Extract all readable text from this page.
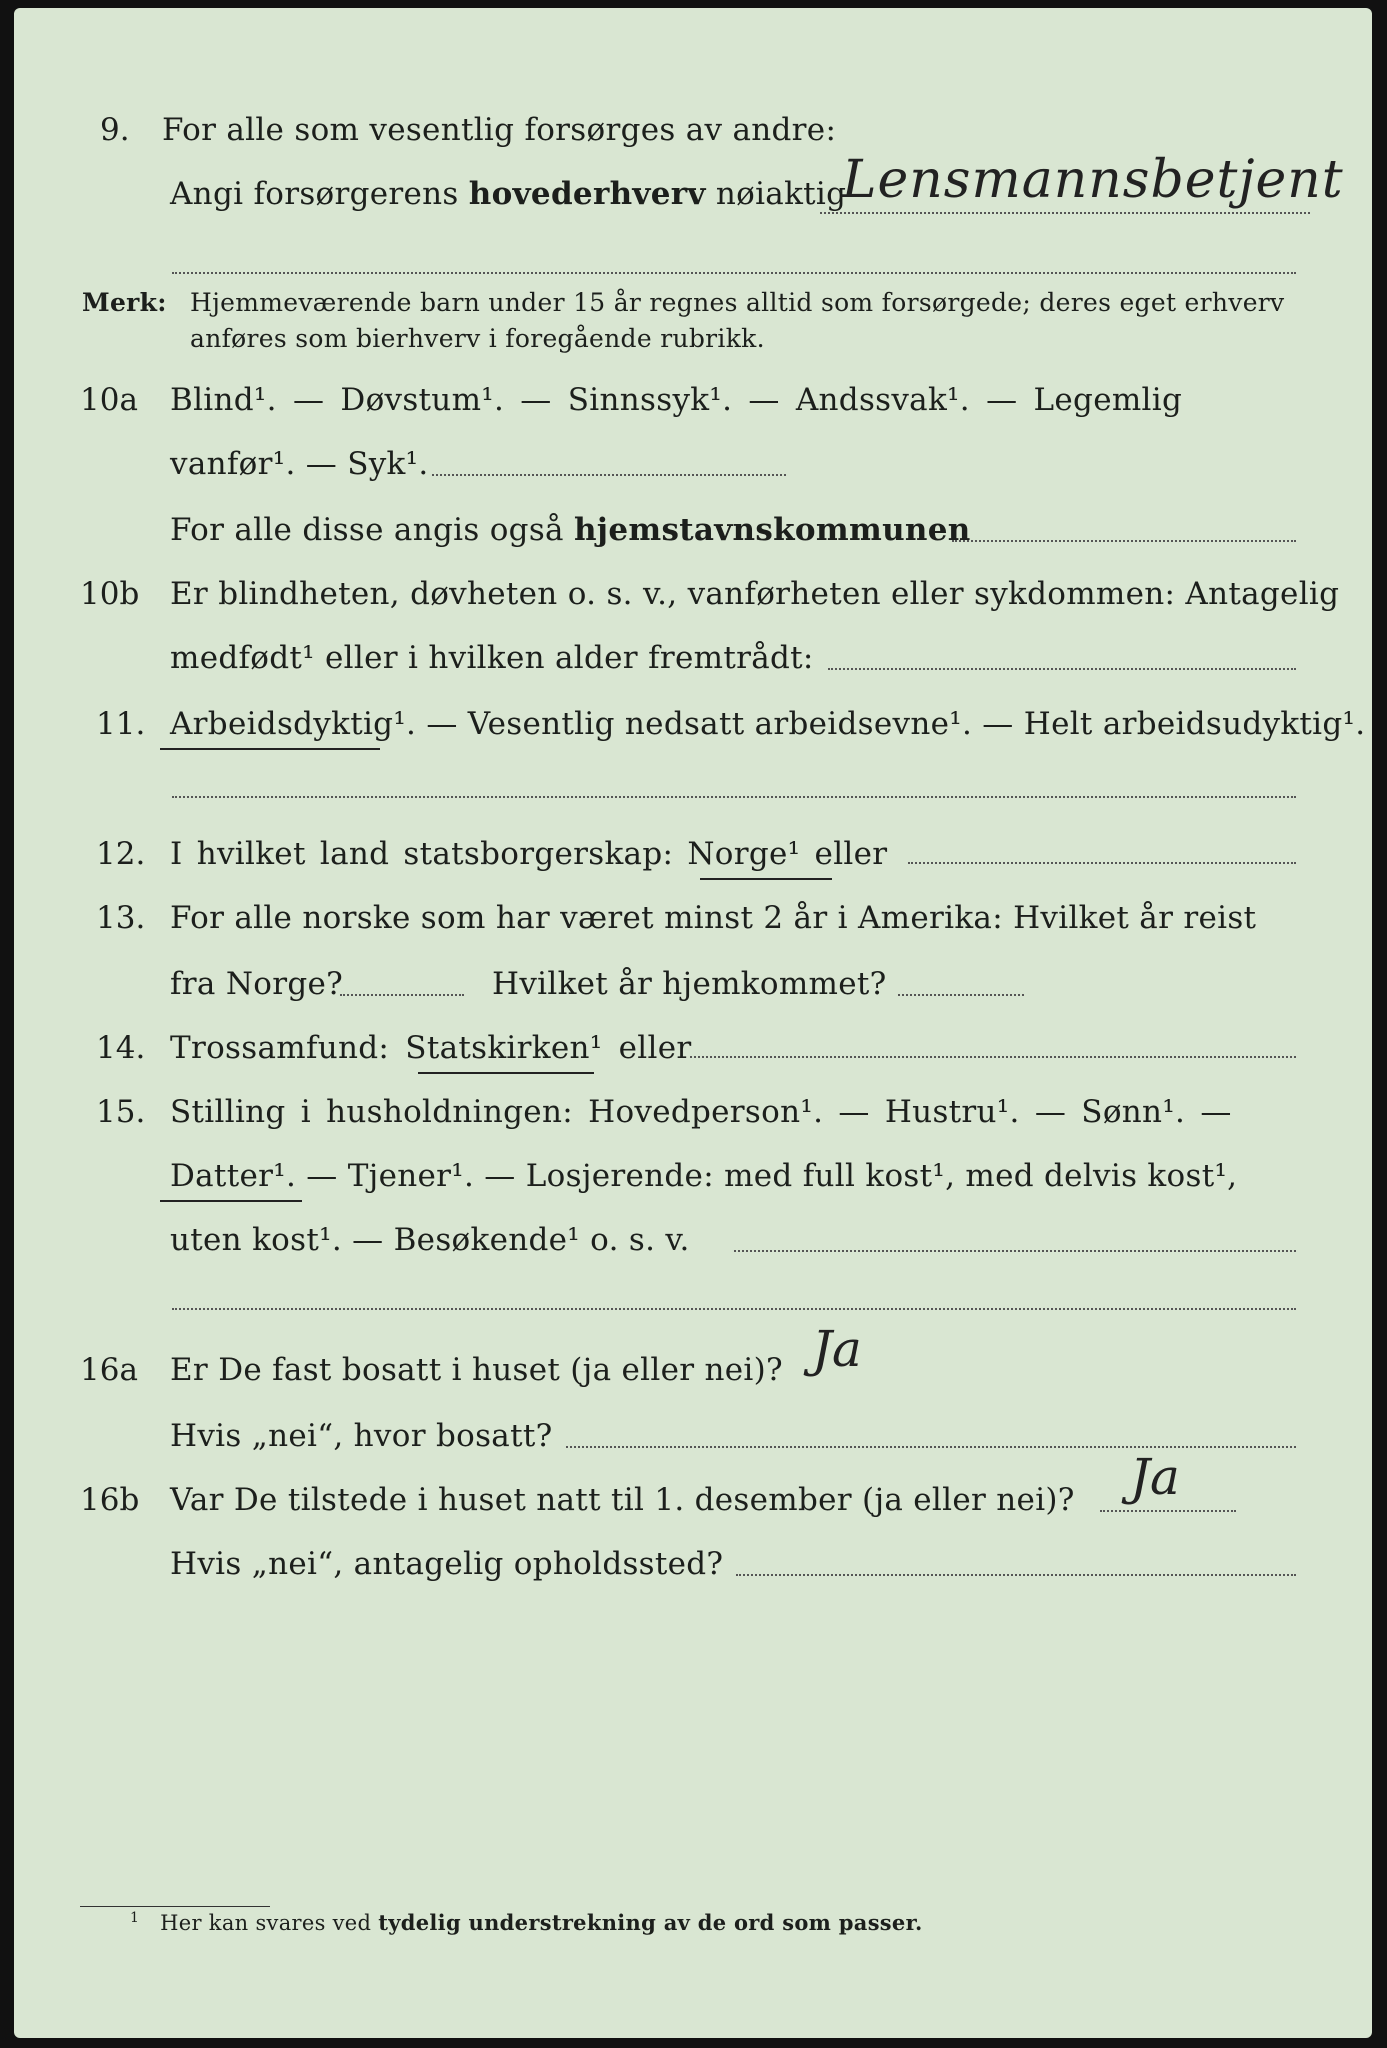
9. For alle som vesentlig forsørges av andre:
Angi forsørgerens hovederhverv nøiaktig
Lensmannsbetjent
Merk: Hjemmeværende barn under 15 år regnes alltid som forsørgede; deres eget erhverv
anføres som bierhverv i foregående rubrikk.
10a Blind¹. — Døvstum¹. — Sinnssyk¹. — Andssvak¹. — Legemlig
vanfør¹. — Syk¹.
For alle disse angis også hjemstavnskommunen
10b Er blindheten, døvheten o. s. v., vanførheten eller sykdommen: Antagelig
medfødt¹ eller i hvilken alder fremtrådt:
11. Arbeidsdyktig¹. — Vesentlig nedsatt arbeidsevne¹. — Helt arbeidsudyktig¹.
12. I hvilket land statsborgerskap: Norge¹ eller
13. For alle norske som har været minst 2 år i Amerika: Hvilket år reist
fra Norge?	Hvilket år hjemkommet?
14. Trossamfund: Statskirken¹ eller
15. Stilling i husholdningen: Hovedperson¹. — Hustru¹. — Sønn¹. —
Datter¹. — Tjener¹. — Losjerende: med full kost¹, med delvis kost¹,
uten kost¹. — Besøkende¹ o. s. v.
16a Er De fast bosatt i huset (ja eller nei)? Ja
Hvis „nei“, hvor bosatt?
16b Var De tilstede i huset natt til 1. desember (ja eller nei)? Ja
Hvis „nei“, antagelig opholdssted?
$^1$ Her kan svares ved tydelig understrekning av de ord som passer.
